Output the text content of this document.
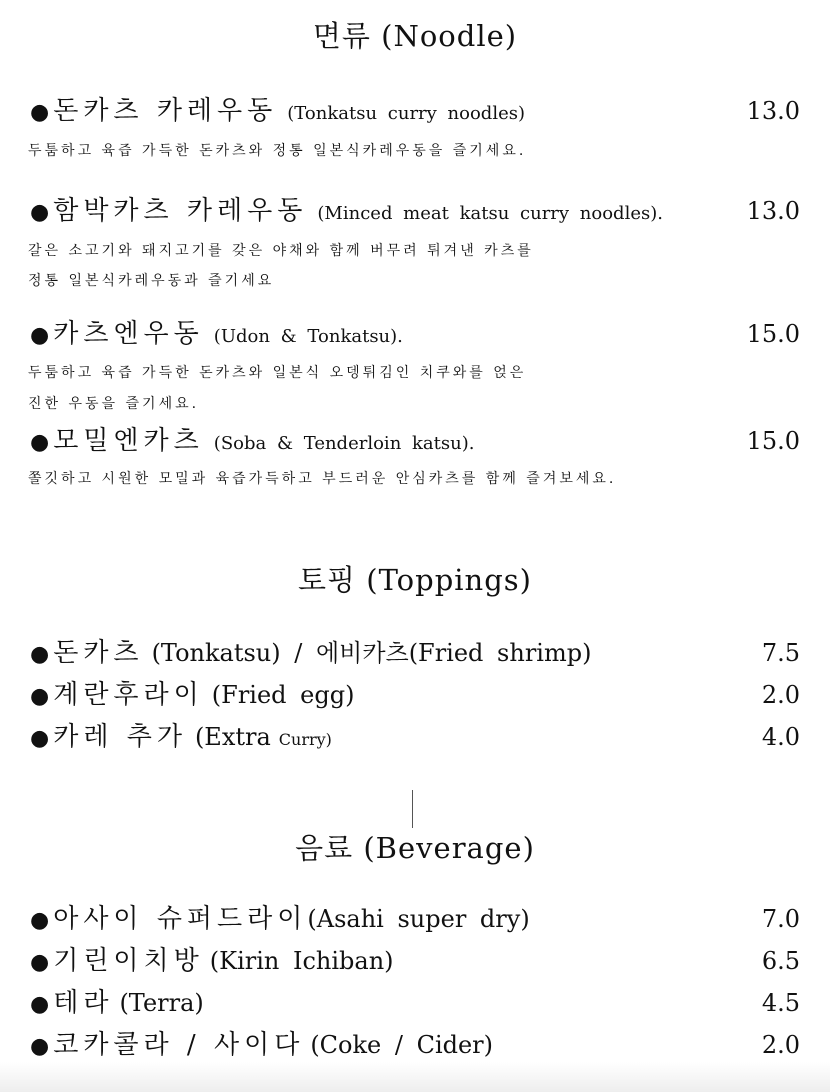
면류 (Noodle)
● 돈카츠 카레우동 (Tonkatsu curry noodles)	13.0
두툼하고 육즙 가득한 돈카츠와 정통 일본식카레우동을 즐기세요.
● 함박카츠 카레우동 (Minced meat katsu curry noodles).	13.0
갈은 소고기와 돼지고기를 갖은 야채와 함께 버무려 튀겨낸 카츠를
정통 일본식카레우동과 즐기세요
● 카츠엔우동 (Udon & Tonkatsu).	15.0
두툼하고 육즙 가득한 돈카츠와 일본식 오뎅튀김인 치쿠와를 얹은
진한 우동을 즐기세요.
● 모밀엔카츠 (Soba & Tenderloin katsu).	15.0
쫄깃하고 시원한 모밀과 육즙가득하고 부드러운 안심카츠를 함께 즐겨보세요.
토핑 (Toppings)
● 돈카츠 (Tonkatsu) / 에비카츠(Fried shrimp)	7.5
● 계란후라이 (Fried egg)	2.0
● 카레 추가 (Extra Curry)	4.0
음료 (Beverage)
● 아사이 슈퍼드라이 (Asahi super dry)	7.0
● 기린이치방 (Kirin Ichiban)	6.5
● 테라 (Terra)	4.5
● 코카콜라 / 사이다 (Coke / Cider)	2.0
